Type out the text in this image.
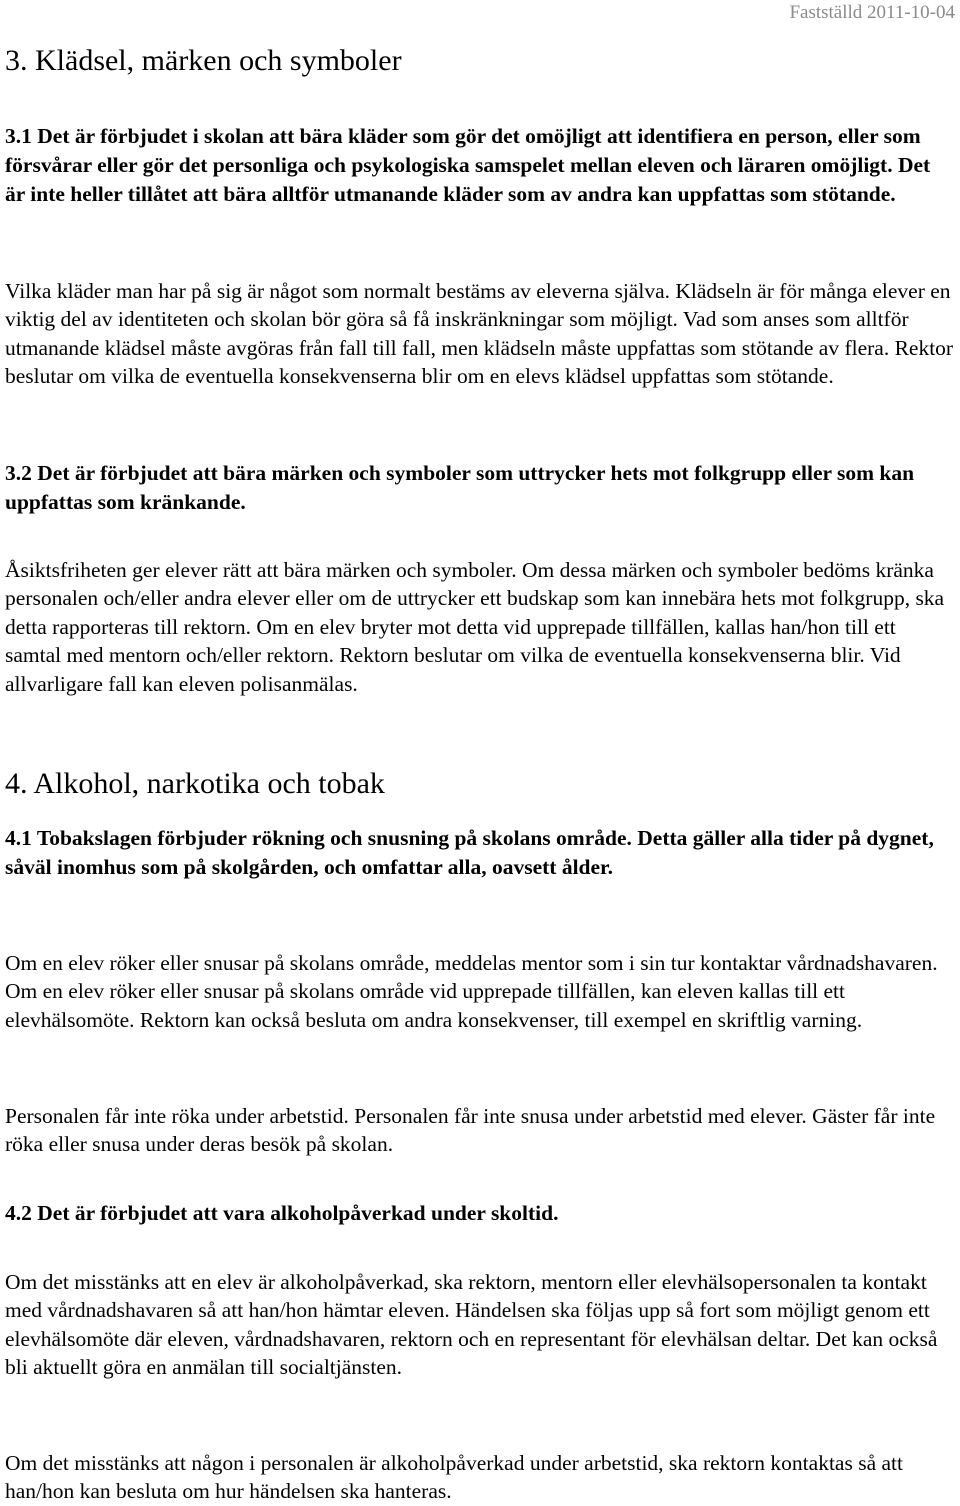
Fastställd 2011-10-04
3. Klädsel, märken och symboler

3.1 Det är förbjudet i skolan att bära kläder som gör det omöjligt att identifiera en person, eller som försvårar eller gör det personliga och psykologiska samspelet mellan eleven och läraren omöjligt. Det är inte heller tillåtet att bära alltför utmanande kläder som av andra kan uppfattas som stötande.

Vilka kläder man har på sig är något som normalt bestäms av eleverna själva. Klädseln är för många elever en viktig del av identiteten och skolan bör göra så få inskränkningar som möjligt. Vad som anses som alltför utmanande klädsel måste avgöras från fall till fall, men klädseln måste uppfattas som stötande av flera. Rektor beslutar om vilka de eventuella konsekvenserna blir om en elevs klädsel uppfattas som stötande.

3.2 Det är förbjudet att bära märken och symboler som uttrycker hets mot folkgrupp eller som kan uppfattas som kränkande.

Åsiktsfriheten ger elever rätt att bära märken och symboler. Om dessa märken och symboler bedöms kränka personalen och/eller andra elever eller om de uttrycker ett budskap som kan innebära hets mot folkgrupp, ska detta rapporteras till rektorn. Om en elev bryter mot detta vid upprepade tillfällen, kallas han/hon till ett samtal med mentorn och/eller rektorn. Rektorn beslutar om vilka de eventuella konsekvenserna blir. Vid allvarligare fall kan eleven polisanmälas.

4. Alkohol, narkotika och tobak

4.1 Tobakslagen förbjuder rökning och snusning på skolans område. Detta gäller alla tider på dygnet, såväl inomhus som på skolgården, och omfattar alla, oavsett ålder.

Om en elev röker eller snusar på skolans område, meddelas mentor som i sin tur kontaktar vårdnadshavaren. Om en elev röker eller snusar på skolans område vid upprepade tillfällen, kan eleven kallas till ett elevhälsomöte. Rektorn kan också besluta om andra konsekvenser, till exempel en skriftlig varning.

Personalen får inte röka under arbetstid. Personalen får inte snusa under arbetstid med elever. Gäster får inte röka eller snusa under deras besök på skolan.

4.2 Det är förbjudet att vara alkoholpåverkad under skoltid.

Om det misstänks att en elev är alkoholpåverkad, ska rektorn, mentorn eller elevhälsopersonalen ta kontakt med vårdnadshavaren så att han/hon hämtar eleven. Händelsen ska följas upp så fort som möjligt genom ett elevhälsomöte där eleven, vårdnadshavaren, rektorn och en representant för elevhälsan deltar. Det kan också bli aktuellt göra en anmälan till socialtjänsten.

Om det misstänks att någon i personalen är alkoholpåverkad under arbetstid, ska rektorn kontaktas så att han/hon kan besluta om hur händelsen ska hanteras.
